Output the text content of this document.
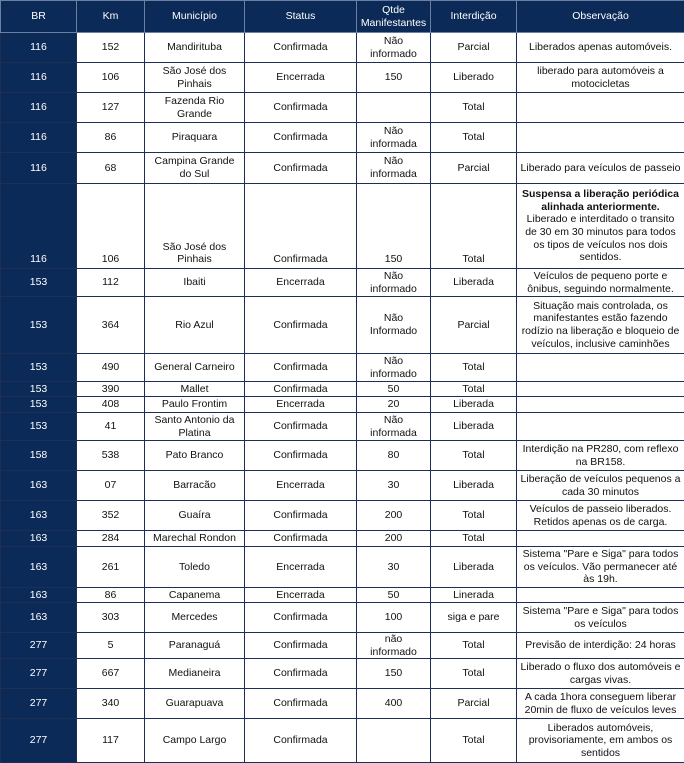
BR	Km	Município	Status	Qtde Manifestantes	Interdição	Observação
116	152	Mandirituba	Confirmada	Não informado	Parcial	Liberados apenas automóveis.
116	106	São José dos Pinhais	Encerrada	150	Liberado	liberado para automóveis a motocicletas
116	127	Fazenda Rio Grande	Confirmada		Total	
116	86	Piraquara	Confirmada	Não informada	Total	
116	68	Campina Grande do Sul	Confirmada	Não informada	Parcial	Liberado para veículos de passeio
116	106	São José dos Pinhais	Confirmada	150	Total	Suspensa a liberação periódica alinhada anteriormente. Liberado e interditado o transito de 30 em 30 minutos para todos os tipos de veículos nos dois sentidos.
153	112	Ibaiti	Encerrada	Não informado	Liberada	Veículos de pequeno porte e ônibus, seguindo normalmente.
153	364	Rio Azul	Confirmada	Não Informado	Parcial	Situação mais controlada, os manifestantes estão fazendo rodízio na liberação e bloqueio de veículos, inclusive caminhões
153	490	General Carneiro	Confirmada	Não informado	Total	
153	390	Mallet	Confirmada	50	Total	
153	408	Paulo Frontim	Encerrada	20	Liberada	
153	41	Santo Antonio da Platina	Confirmada	Não informada	Liberada	
158	538	Pato Branco	Confirmada	80	Total	Interdição na PR280, com reflexo na BR158.
163	07	Barracão	Encerrada	30	Liberada	Liberação de veículos pequenos a cada 30 minutos
163	352	Guaíra	Confirmada	200	Total	Veículos de passeio liberados. Retidos apenas os de carga.
163	284	Marechal Rondon	Confirmada	200	Total	
163	261	Toledo	Encerrada	30	Liberada	Sistema "Pare e Siga" para todos os veículos. Vão permanecer até às 19h.
163	86	Capanema	Encerrada	50	Linerada	
163	303	Mercedes	Confirmada	100	siga e pare	Sistema "Pare e Siga" para todos os veículos
277	5	Paranaguá	Confirmada	não informado	Total	Previsão de interdição: 24 horas
277	667	Medianeira	Confirmada	150	Total	Liberado o fluxo dos automóveis e cargas vivas.
277	340	Guarapuava	Confirmada	400	Parcial	A cada 1hora conseguem liberar 20min de fluxo de veículos leves
277	117	Campo Largo	Confirmada		Total	Liberados automóveis, provisoriamente, em ambos os sentidos
